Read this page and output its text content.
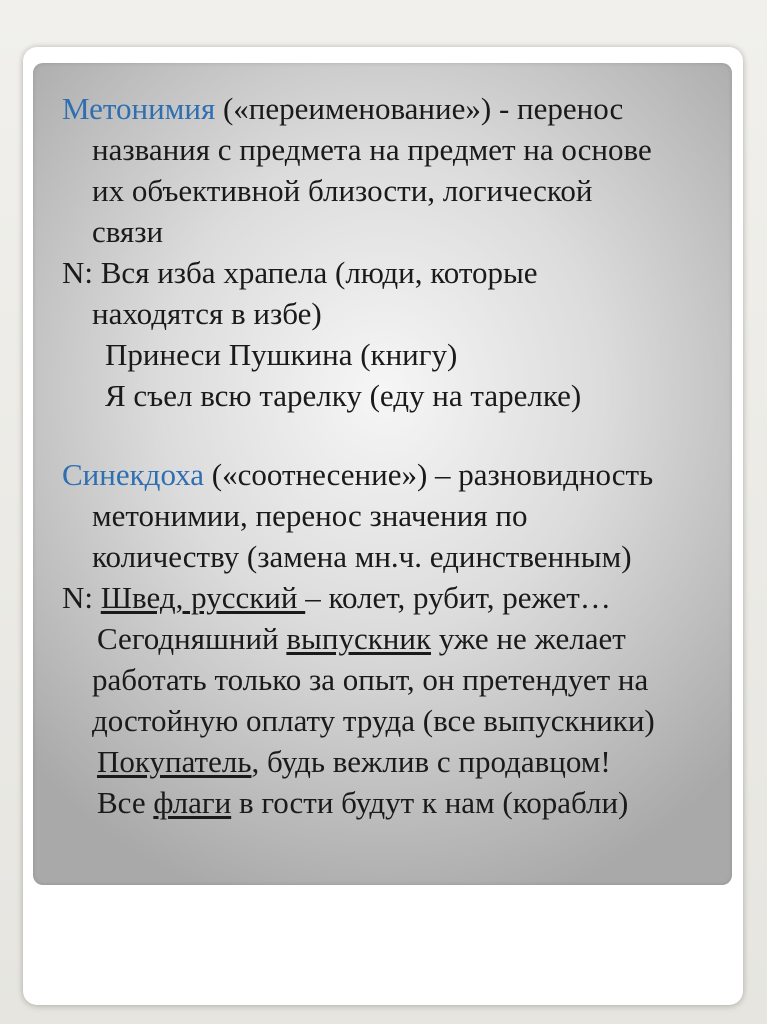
Метонимия («переименование») - перенос
названия с предмета на предмет на основе
их объективной близости, логической
связи
N: Вся изба храпела (люди, которые
находятся в избе)
Принеси Пушкина (книгу)
Я съел всю тарелку (еду на тарелке)
Синекдоха («соотнесение») – разновидность
метонимии, перенос значения по
количеству (замена мн.ч. единственным)
N: Швед, русский – колет, рубит, режет…
Сегодняшний выпускник уже не желает
работать только за опыт, он претендует на
достойную оплату труда (все выпускники)
Покупатель, будь вежлив с продавцом!
Все флаги в гости будут к нам (корабли)
